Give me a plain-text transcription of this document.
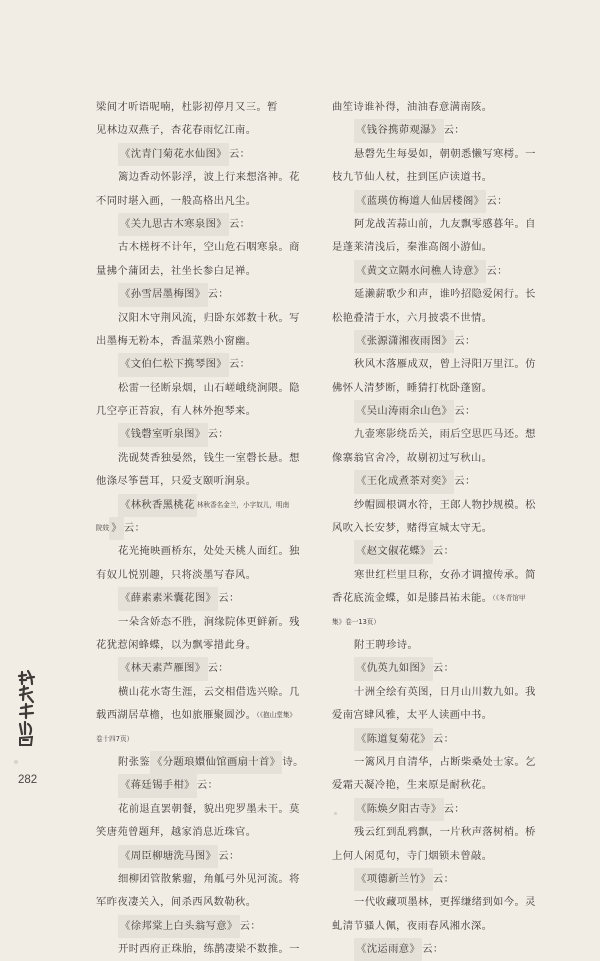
梁间才听语呢喃，杜影初停月又三。暂
见林边双燕子，杏花春雨忆江南。
《沈青门菊花水仙图》 云：
篱边香动怀影浮，波上行来想洛神。花
不同时堪入画，一般高格出凡尘。
《关九思古木寒泉图》 云：
古木槎枒不计年，空山危石咽寒泉。商
量拂个蒲团去，社坐长参白足禅。
《孙雪居墨梅图》 云：
汉阳木守荆风流，归卧东郊数十秋。写
出墨梅无粉本，香温菜熟小窗幽。
《文伯仁松下携琴图》 云：
松雷一径断泉烟，山石嵯峨绕涧隈。隐
几空亭正苔寂，有人林外抱琴来。
《钱磬室听泉图》 云：
洗砚焚香独晏然，钱生一室磬长悬。想
他涤尽筝琶耳，只爱支颐听涧泉。
《林秋香黑桃花 林秋香名金兰，小字奴儿，明南
院妓 》 云：
花光掩映画桥东，处处天桃人面红。独
有奴儿悦别趣，只将淡墨写春风。
《薛素素米囊花图》 云：
一朵含娇态不胜，涧缘院体更鲜新。残
花犹惹闲蜂蝶，以为飘零措此身。
《林天素芦雁图》 云：
横山花水寄生涯，云交相借选兴赊。几
载西湖居草檐，也如旅雁聚圆沙。（《抱山堂集》
卷十四7页）
附张鉴 《分题琅嬛仙馆画扇十首》 诗。
《蒋廷锡手柑》 云：
花前退直罢朝餐，貌出兜罗墨未干。莫
笑唐苑曾题拜，越家消息近珠官。
《周臣柳塘洗马图》 云：
细柳团管散紫骝，角觚弓外见河流。将
军昨夜凄关入，间杀西风数勒秋。
《徐邦棠上白头翁写意》 云：
开时西府正珠胎，练鹊凄梁不数推。一
曲笙诗谁补得，油油春意满南陔。
《钱谷携茆观瀑》 云：
悬磬先生每晏如，朝朝悉懒写寒樗。一
枝九节仙人杖，拄到匡庐读道书。
《蓝瑛仿梅道人仙居楼阁》 云：
阿龙战苦蒜山前，九友飘零感暮年。自
是蓬莱清浅后，秦淮高阁小游仙。
《黄文立隔水问樵人诗意》 云：
延濑薪歌少和声，谁吟招隐爱闲行。长
松艳叠清于水，六月披裘不世情。
《张源潇湘夜雨图》 云：
秋风木落雁成双，曾上浔阳万里江。仿
佛怀人清梦断，睡猜打枕卧蓬窗。
《吴山涛雨余山色》 云：
九壶寒影绕岳关，雨后空思匹马还。想
像寨翁官舍冷，故剔初过写秋山。
《王化成煮茶对奕》 云：
纱帽圆根调水符，王郎人物抄规模。松
风吹入长安梦，赌得宣城太守无。
《赵文俶花蝶》 云：
寒世红栏里旦称，女孙才调擅传承。简
香花底流金蝶，如是膝昌祐未能。（《冬青馆甲
集》卷一13页）
附王聘珍诗。
《仇英九如图》 云：
十洲全绘有英图，日月山川数九如。我
爱南宫肆风雅，太平人读画中书。
《陈道复菊花》 云：
一篱风月自清华，占断柴桑处士家。乞
爱霜天凝冷艳，生来原是耐秋花。
《陈焕夕阳古寺》 云：
残云红到乱鸦飘，一片秋声落树梢。桥
上何人闲觅句，寺门烟锁未曾敲。
《项德新兰竹》 云：
一代收藏项墨林，更挥缣绪到如今。灵
虬清节骚人佩，夜雨春风湘水深。
《沈运雨意》 云：
282
